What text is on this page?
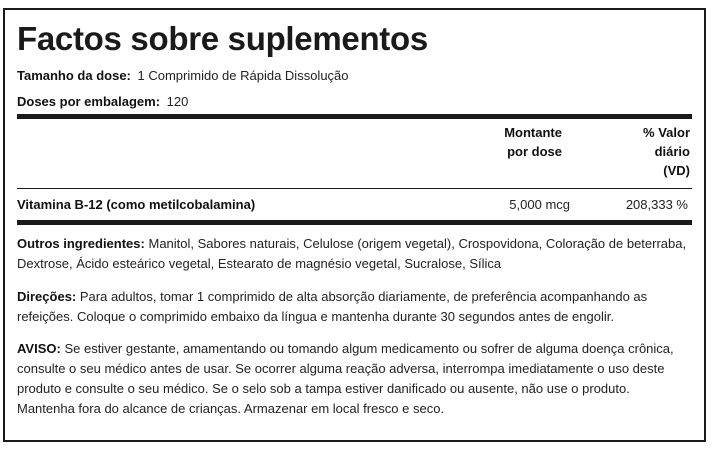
Factos sobre suplementos
Tamanho da dose: 1 Comprimido de Rápida Dissolução
Doses por embalagem: 120
Montante
por dose
% Valor
diário
(VD)
Vitamina B-12 (como metilcobalamina)	5,000 mcg	208,333 %
Outros ingredientes: Manitol, Sabores naturais, Celulose (origem vegetal), Crospovidona, Coloração de beterraba, Dextrose, Ácido esteárico vegetal, Estearato de magnésio vegetal, Sucralose, Sílica
Direções: Para adultos, tomar 1 comprimido de alta absorção diariamente, de preferência acompanhando as refeições. Coloque o comprimido embaixo da língua e mantenha durante 30 segundos antes de engolir.
AVISO: Se estiver gestante, amamentando ou tomando algum medicamento ou sofrer de alguma doença crônica, consulte o seu médico antes de usar. Se ocorrer alguma reação adversa, interrompa imediatamente o uso deste produto e consulte o seu médico. Se o selo sob a tampa estiver danificado ou ausente, não use o produto. Mantenha fora do alcance de crianças. Armazenar em local fresco e seco.
